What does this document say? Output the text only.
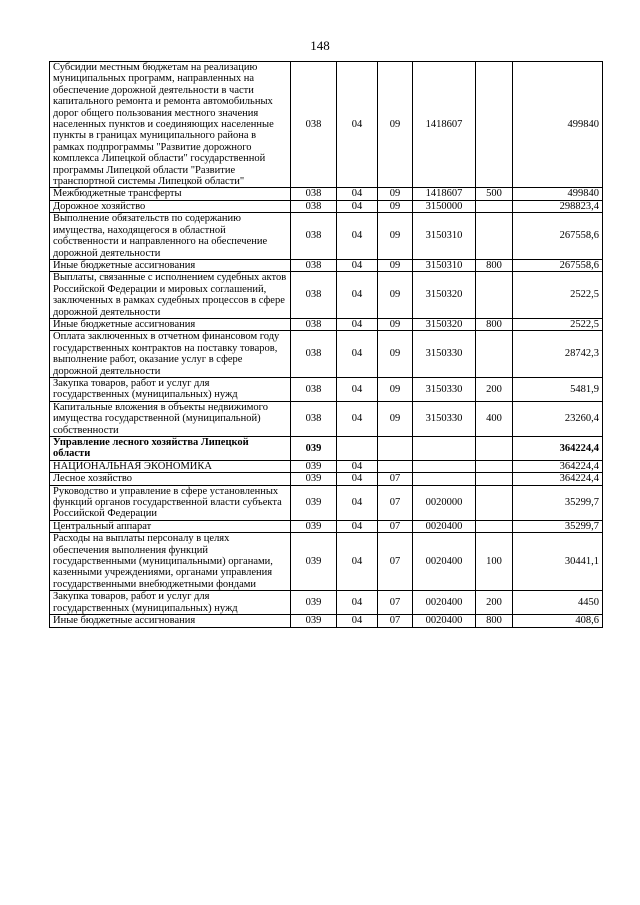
148
Субсидии местным бюджетам на реализацию муниципальных программ, направленных на обеспечение дорожной деятельности в части капитального ремонта и ремонта автомобильных дорог общего пользования местного значения населенных пунктов и соединяющих населенные пункты в границах муниципального района в рамках подпрограммы "Развитие дорожного комплекса Липецкой области" государственной программы Липецкой области "Развитие транспортной системы Липецкой области"	038	04	09	1418607		499840
Межбюджетные трансферты	038	04	09	1418607	500	499840
Дорожное хозяйство	038	04	09	3150000		298823,4
Выполнение обязательств по содержанию имущества, находящегося в областной собственности и направленного на обеспечение дорожной деятельности	038	04	09	3150310		267558,6
Иные бюджетные ассигнования	038	04	09	3150310	800	267558,6
Выплаты, связанные с исполнением судебных актов Российской Федерации и мировых соглашений, заключенных в рамках судебных процессов в сфере дорожной деятельности	038	04	09	3150320		2522,5
Иные бюджетные ассигнования	038	04	09	3150320	800	2522,5
Оплата заключенных в отчетном финансовом году государственных контрактов на поставку товаров, выполнение работ, оказание услуг в сфере дорожной деятельности	038	04	09	3150330		28742,3
Закупка товаров, работ и услуг для государственных (муниципальных) нужд	038	04	09	3150330	200	5481,9
Капитальные вложения в объекты недвижимого имущества государственной (муниципальной) собственности	038	04	09	3150330	400	23260,4
Управление лесного хозяйства Липецкой области	039					364224,4
НАЦИОНАЛЬНАЯ ЭКОНОМИКА	039	04				364224,4
Лесное хозяйство	039	04	07			364224,4
Руководство и управление в сфере установленных функций органов государственной власти субъекта Российской Федерации	039	04	07	0020000		35299,7
Центральный аппарат	039	04	07	0020400		35299,7
Расходы на выплаты персоналу в целях обеспечения выполнения функций государственными (муниципальными) органами, казенными учреждениями, органами управления государственными внебюджетными фондами	039	04	07	0020400	100	30441,1
Закупка товаров, работ и услуг для государственных (муниципальных) нужд	039	04	07	0020400	200	4450
Иные бюджетные ассигнования	039	04	07	0020400	800	408,6
